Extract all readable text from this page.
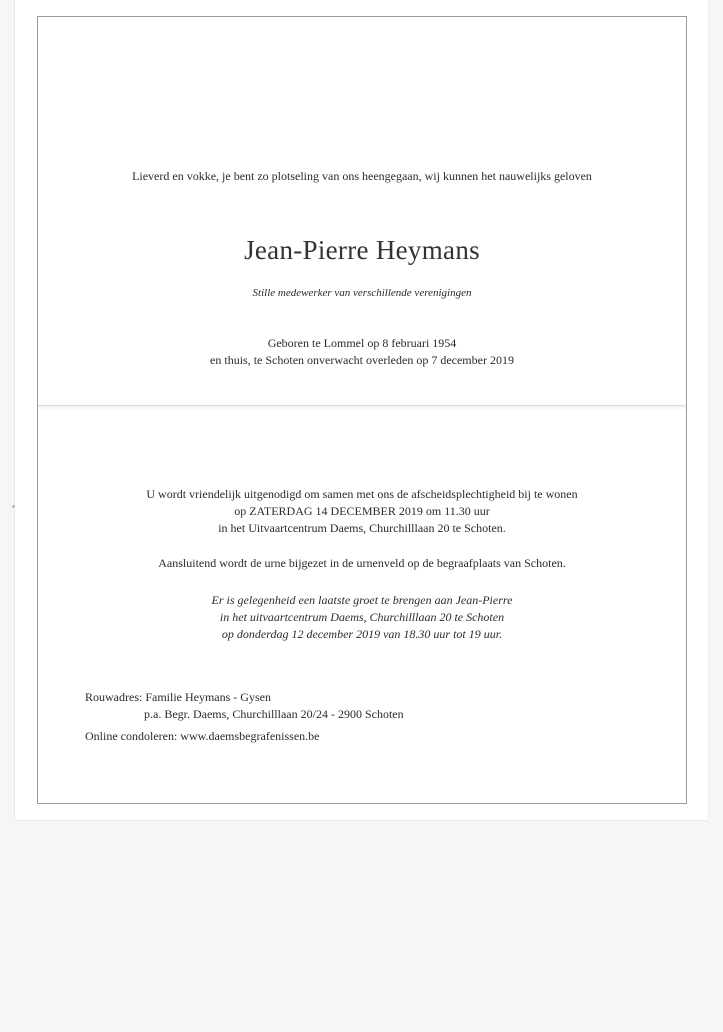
Lieverd en vokke, je bent zo plotseling van ons heengegaan, wij kunnen het nauwelijks geloven
Jean-Pierre Heymans
Stille medewerker van verschillende verenigingen
Geboren te Lommel op 8 februari 1954
en thuis, te Schoten onverwacht overleden op 7 december 2019
U wordt vriendelijk uitgenodigd om samen met ons de afscheidsplechtigheid bij te wonen
op ZATERDAG 14 DECEMBER 2019 om 11.30 uur
in het Uitvaartcentrum Daems, Churchilllaan 20 te Schoten.
Aansluitend wordt de urne bijgezet in de urnenveld op de begraafplaats van Schoten.
Er is gelegenheid een laatste groet te brengen aan Jean-Pierre
in het uitvaartcentrum Daems, Churchilllaan 20 te Schoten
op donderdag 12 december 2019 van 18.30 uur tot 19 uur.
Rouwadres: Familie Heymans - Gysen
p.a. Begr. Daems, Churchilllaan 20/24 - 2900 Schoten
Online condoleren: www.daemsbegrafenissen.be
